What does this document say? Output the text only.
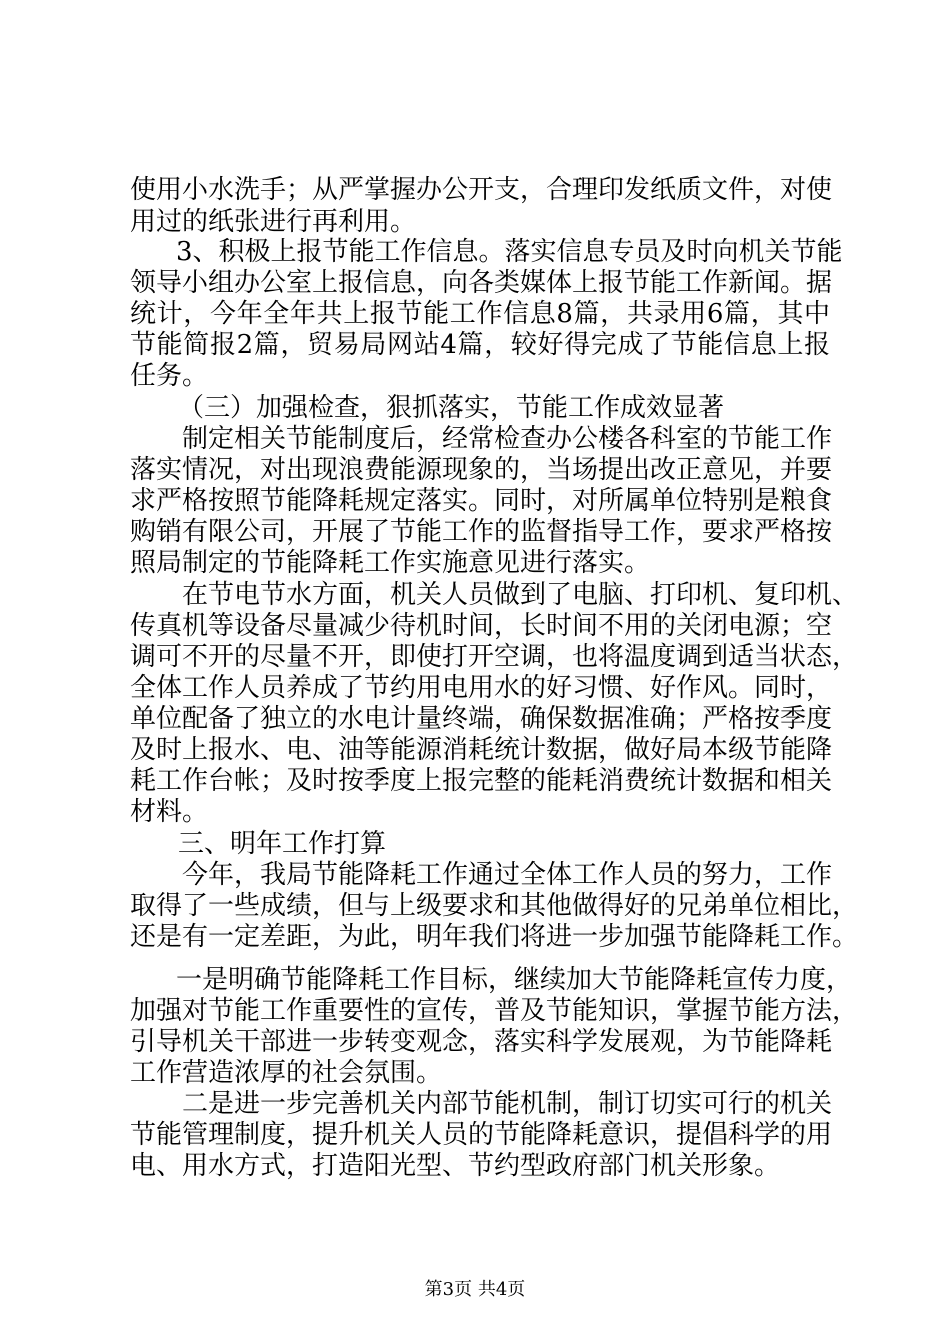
使用小水洗手；从严掌握办公开支，合理印发纸质文件，对使
用过的纸张进行再利用。
3、积极上报节能工作信息。落实信息专员及时向机关节能
领导小组办公室上报信息，向各类媒体上报节能工作新闻。据
统计，今年全年共上报节能工作信息8篇，共录用6篇，其中
节能简报2篇，贸易局网站4篇，较好得完成了节能信息上报
任务。
（三）加强检查，狠抓落实，节能工作成效显著
制定相关节能制度后，经常检查办公楼各科室的节能工作
落实情况，对出现浪费能源现象的，当场提出改正意见，并要
求严格按照节能降耗规定落实。同时，对所属单位特别是粮食
购销有限公司，开展了节能工作的监督指导工作，要求严格按
照局制定的节能降耗工作实施意见进行落实。
在节电节水方面，机关人员做到了电脑、打印机、复印机、
传真机等设备尽量减少待机时间，长时间不用的关闭电源；空
调可不开的尽量不开，即使打开空调，也将温度调到适当状态，
全体工作人员养成了节约用电用水的好习惯、好作风。同时，
单位配备了独立的水电计量终端，确保数据准确；严格按季度
及时上报水、电、油等能源消耗统计数据，做好局本级节能降
耗工作台帐；及时按季度上报完整的能耗消费统计数据和相关
材料。
三、明年工作打算
今年，我局节能降耗工作通过全体工作人员的努力，工作
取得了一些成绩，但与上级要求和其他做得好的兄弟单位相比，
还是有一定差距，为此，明年我们将进一步加强节能降耗工作。
一是明确节能降耗工作目标，继续加大节能降耗宣传力度，
加强对节能工作重要性的宣传，普及节能知识，掌握节能方法，
引导机关干部进一步转变观念，落实科学发展观，为节能降耗
工作营造浓厚的社会氛围。
二是进一步完善机关内部节能机制，制订切实可行的机关
节能管理制度，提升机关人员的节能降耗意识，提倡科学的用
电、用水方式，打造阳光型、节约型政府部门机关形象。
第3页 共4页
